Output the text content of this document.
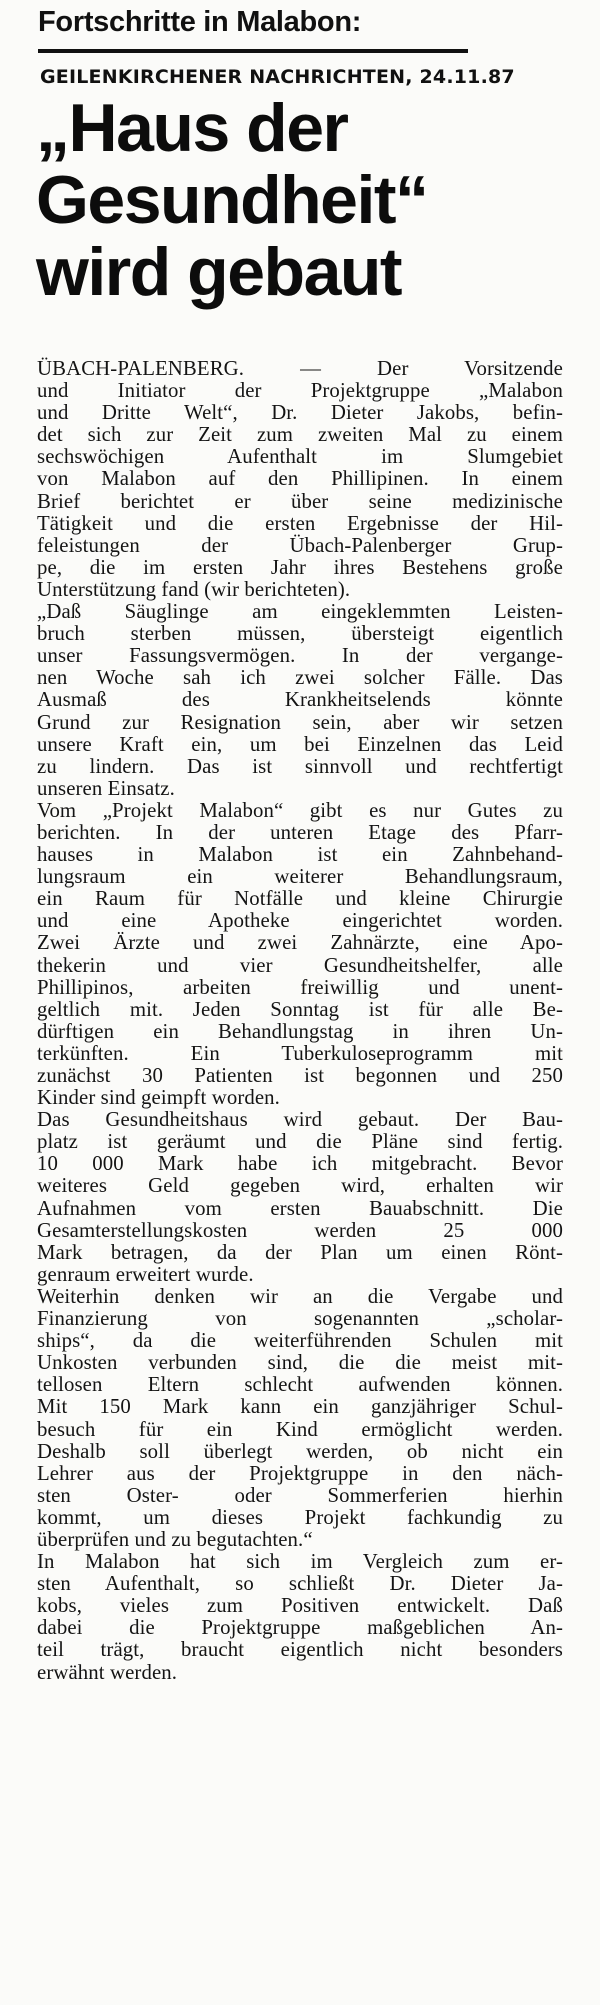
Fortschritte in Malabon:
GEILENKIRCHENER NACHRICHTEN, 24.11.87
„Haus der
Gesundheit“
wird gebaut
ÜBACH-PALENBERG. — Der Vorsitzende
und Initiator der Projektgruppe „Malabon
und Dritte Welt“, Dr. Dieter Jakobs, befin-
det sich zur Zeit zum zweiten Mal zu einem
sechswöchigen Aufenthalt im Slumgebiet
von Malabon auf den Phillipinen. In einem
Brief berichtet er über seine medizinische
Tätigkeit und die ersten Ergebnisse der Hil-
feleistungen der Übach-Palenberger Grup-
pe, die im ersten Jahr ihres Bestehens große
Unterstützung fand (wir berichteten).
„Daß Säuglinge am eingeklemmten Leisten-
bruch sterben müssen, übersteigt eigentlich
unser Fassungsvermögen. In der vergange-
nen Woche sah ich zwei solcher Fälle. Das
Ausmaß des Krankheitselends könnte
Grund zur Resignation sein, aber wir setzen
unsere Kraft ein, um bei Einzelnen das Leid
zu lindern. Das ist sinnvoll und rechtfertigt
unseren Einsatz.
Vom „Projekt Malabon“ gibt es nur Gutes zu
berichten. In der unteren Etage des Pfarr-
hauses in Malabon ist ein Zahnbehand-
lungsraum ein weiterer Behandlungsraum,
ein Raum für Notfälle und kleine Chirurgie
und eine Apotheke eingerichtet worden.
Zwei Ärzte und zwei Zahnärzte, eine Apo-
thekerin und vier Gesundheitshelfer, alle
Phillipinos, arbeiten freiwillig und unent-
geltlich mit. Jeden Sonntag ist für alle Be-
dürftigen ein Behandlungstag in ihren Un-
terkünften. Ein Tuberkuloseprogramm mit
zunächst 30 Patienten ist begonnen und 250
Kinder sind geimpft worden.
Das Gesundheitshaus wird gebaut. Der Bau-
platz ist geräumt und die Pläne sind fertig.
10 000 Mark habe ich mitgebracht. Bevor
weiteres Geld gegeben wird, erhalten wir
Aufnahmen vom ersten Bauabschnitt. Die
Gesamterstellungskosten werden 25 000
Mark betragen, da der Plan um einen Rönt-
genraum erweitert wurde.
Weiterhin denken wir an die Vergabe und
Finanzierung von sogenannten „scholar-
ships“, da die weiterführenden Schulen mit
Unkosten verbunden sind, die die meist mit-
tellosen Eltern schlecht aufwenden können.
Mit 150 Mark kann ein ganzjähriger Schul-
besuch für ein Kind ermöglicht werden.
Deshalb soll überlegt werden, ob nicht ein
Lehrer aus der Projektgruppe in den näch-
sten Oster- oder Sommerferien hierhin
kommt, um dieses Projekt fachkundig zu
überprüfen und zu begutachten.“
In Malabon hat sich im Vergleich zum er-
sten Aufenthalt, so schließt Dr. Dieter Ja-
kobs, vieles zum Positiven entwickelt. Daß
dabei die Projektgruppe maßgeblichen An-
teil trägt, braucht eigentlich nicht besonders
erwähnt werden.
